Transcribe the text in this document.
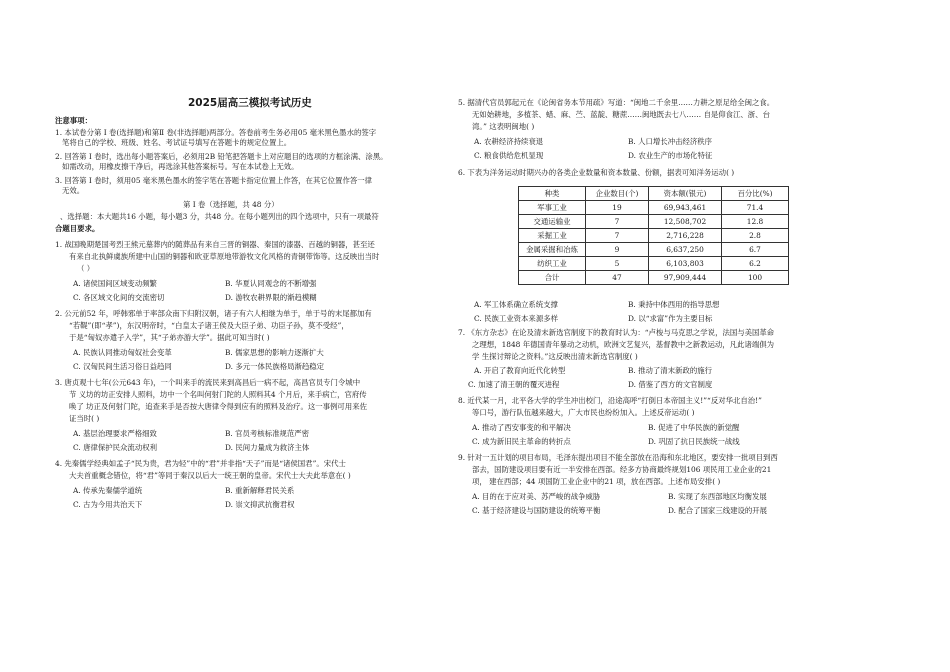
2025届高三模拟考试历史
注意事项：
1. 本试卷分第 I 卷(选择题)和第Ⅱ 卷(非选择题)两部分。答卷前考生务必用05 毫米黑色墨水的签字
笔将自己的学校、班级、姓名、考试证号填写在答题卡的规定位置上。
2. 回答第 I 卷时，选出每小题答案后，必须用2B 铅笔把答题卡上对应题目的选项的方框涂满、涂黑。
如需改动，用橡皮擦干净后，再选涂其他答案标号。写在本试卷上无效。
3. 回答第 I 卷时，须用05 毫米黑色墨水的签字笔在答题卡指定位置上作答，在其它位置作答一律
无效。
第 I 卷（选择题，共 48 分）
、选择题：本大题共16 小题，每小题3 分，共48 分。在每小题列出的四个选项中，只有一项最符
合题目要求。
1. 战国晚期楚国考烈王熊元墓葬内的随葬品有来自三晋的铜器、秦国的漆器、百越的铜器，甚至还
有来自北执鲜虞族所建中山国的铜器和欧亚草原地带游牧文化风格的青铜带饰等。这反映出当时
（ ）
A. 诸侯国间区域变动频繁	B. 华夏认同观念的不断增强
C. 各区域文化间的交流密切	D. 游牧农耕界限的渐趋模糊
2. 公元前52 年，呼韩邪单于率部众南下归附汉朝，诸子有六人相继为单于，单于号的末尾都加有
“若鞮”(即“孝”)，东汉明帝时，“白皇太子诸王侯及大臣子弟、功臣子孙，莫不受经”，
于是“匈奴亦遣子入学”，其“子弟亦游大学”。据此可知当时( )
A. 民族认同推动匈奴社会变革	B. 儒家思想的影响力逐渐扩大
C. 汉匈民间生活习俗日益趋同	D. 多元一体民族格局渐趋稳定
3. 唐贞观十七年(公元643 年)，一个叫来手的流民来到高昌后一病不起，高昌官员专门令城中
节 义坊的坊正安排人照料，坊中一个名叫何射门陀的人照料其4 个月后，来手病亡，官府传
唤了 坊正及何射门陀，追查来手是否按大唐律令得到应有的照料及治疗。这一事例可用来佐
证当时( )
A. 基层治理要求严格细致	B. 官员考核标准规范严密
C. 唐律保护民众流动权利	D. 民间力量成为救济主体
4. 先秦儒学经典如孟子“民为贵，君为轻”中的“君”并非指“天子”而是“诸侯国君”。宋代士
大夫首重概念错位，将“君”等同于秦汉以后大一统王朝的皇帝。宋代士大夫此举意在( )
A. 传承先秦儒学道统	B. 重新解释君民关系
C. 古为今用共治天下	D. 崇文抑武抗衡君权
5. 据清代官员郭起元在《论闽省务本节用疏》写道：“闽地二千余里……力耕之原足给全闽之食。
无如始耕地，多植茶、蜡、麻、苎、蓝靛、糖蔗……闽地既去七八…… 自是仰食江、浙、台
湾。” 这表明闽地( )
A. 农耕经济持续衰退	B. 人口增长冲击经济秩序
C. 粮食供给危机显现	D. 农业生产的市场化特征
6. 下表为洋务运动时期兴办的各类企业数量和资本数量、份额，据表可知洋务运动( )
种类	企业数目(个)	资本额(银元)	百分比(%)
军事工业	19	69,943,461	71.4
交通运输业	7	12,508,702	12.8
采掘工业	7	2,716,228	2.8
金属采掘和冶炼	9	6,637,250	6.7
纺织工业	5	6,103,803	6.2
合计	47	97,909,444	100
A. 军工体系确立系统支撑	B. 秉持中体西用的指导思想
C. 民族工业资本来源多样	D. 以“求富”作为主要目标
7. 《东方杂志》在论及清末新选官制度下的教育时认为：“卢梭与马克思之学说，法国与美国革命
之理想，1848 年德国青年暴动之动机，欧洲文艺复兴，基督教中之新教运动，凡此诸端俱为
学 生探讨辩论之资料。”这反映出清末新选官制度( )
A. 开启了教育向近代化转型	B. 推动了清末新政的施行
C. 加速了清王朝的覆灭进程	D. 借鉴了西方的文官制度
8. 近代某一月，北平各大学的学生冲出校门，沿途高呼“打倒日本帝国主义!”“反对华北自治!”
等口号，游行队伍越来越大，广大市民也纷纷加入。上述反帝运动( )
A. 推动了西安事变的和平解决	B. 促进了中华民族的新觉醒
C. 成为新旧民主革命的转折点	D. 巩固了抗日民族统一战线
9. 针对一五计划的项目布局，毛泽东提出项目不能全部放在沿海和东北地区，要安排一批项目到西
部去，国防建设项目要有近一半安排在西部。经多方协商最终规划106 项民用工业企业的21
项， 建在西部；44 项国防工业企业中的21 项，放在西部。上述布局安排( )
A. 目的在于应对美、苏严峻的战争威胁	B. 实现了东西部地区均衡发展
C. 基于经济建设与国防建设的统筹平衡	D. 配合了国家三线建设的开展
